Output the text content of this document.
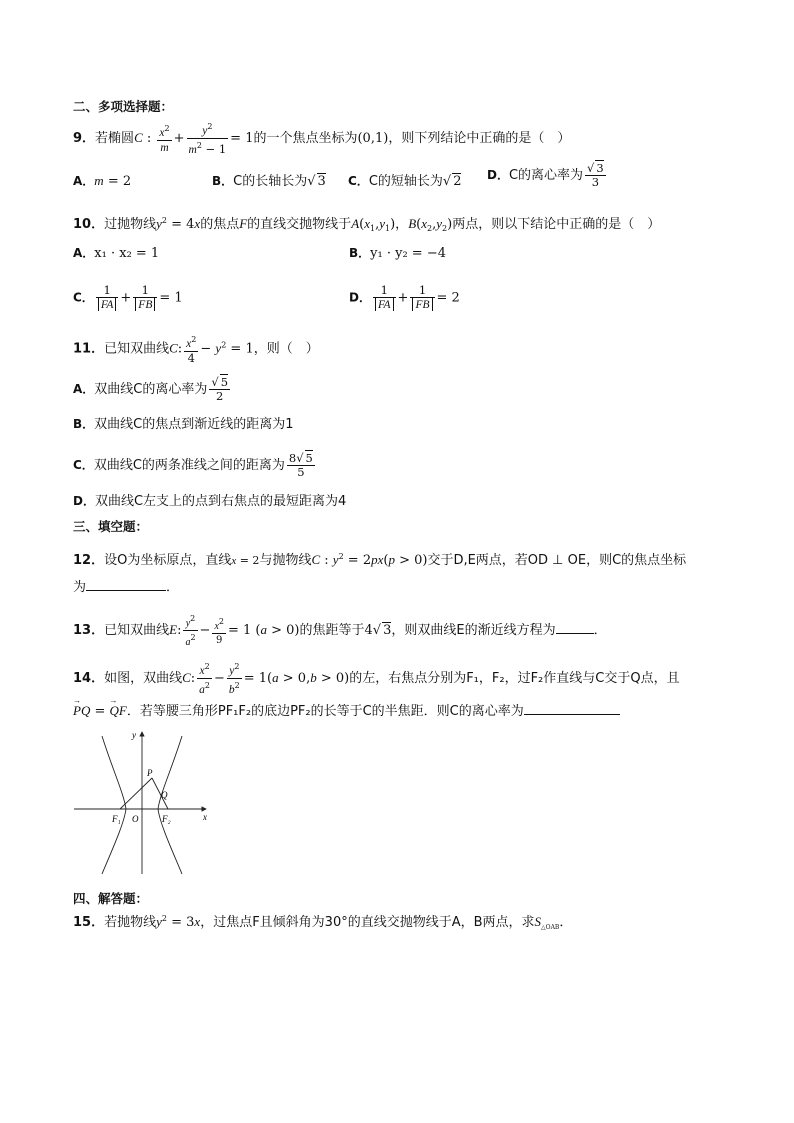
二、多项选择题：
9．若椭圆C : $\frac{x^2}{m} + \frac{y^2}{m^2 - 1} = 1$的一个焦点坐标为(0,1)，则下列结论中正确的是（　）
A．m = 2	B．C的长轴长为√ 3 C．C的短轴长为√ 2 D．C的离心率为 $\frac{√ 3}{3}$
10．过抛物线$y^2 = 4x$的焦点F的直线交抛物线于$A(x_1,y_1)$，$B(x_2,y_2)$两点，则以下结论中正确的是（　）
A．x₁ · x₂ = 1	B．y₁ · y₂ = −4
C． $\frac{1}{FA} + \frac{1}{FB} = 1$	D． $\frac{1}{FA} + \frac{1}{FB} = 2$
11．已知双曲线C: $\frac{x^2}{4} - y^2 = 1$，则（　）
A．双曲线C的离心率为 $\frac{√ 5}{2}$
B．双曲线C的焦点到渐近线的距离为1
C．双曲线C的两条准线之间的距离为 $\frac{8√ 5}{5}$
D．双曲线C左支上的点到右焦点的最短距离为4
三、填空题：
12．设O为坐标原点，直线x = 2与抛物线C : $y^2 = 2px(p > 0)$交于D,E两点，若OD ⊥ OE，则C的焦点坐标
为	．
13．已知双曲线E: $\frac{y^2}{a^2} - \frac{x^2}{9} = 1$ (a > 0)的焦距等于4√ 3，则双曲线E的渐近线方程为	．
14．如图，双曲线C: $\frac{x^2}{a^2} - \frac{y^2}{b^2} = 1(a > 0,b > 0)$的左，右焦点分别为F₁，F₂，过F₂作直线与C交于Q点，且
→ PQ = → QF．若等腰三角形PF₁F₂的底边PF₂的长等于C的半焦距．则C的离心率为
y
x
P
Q
F₁ O	F₂
四、解答题：
15．若抛物线$y^2 = 3x$，过焦点F且倾斜角为30°的直线交抛物线于A，B两点，求$S_{\triangle OAB}$．
